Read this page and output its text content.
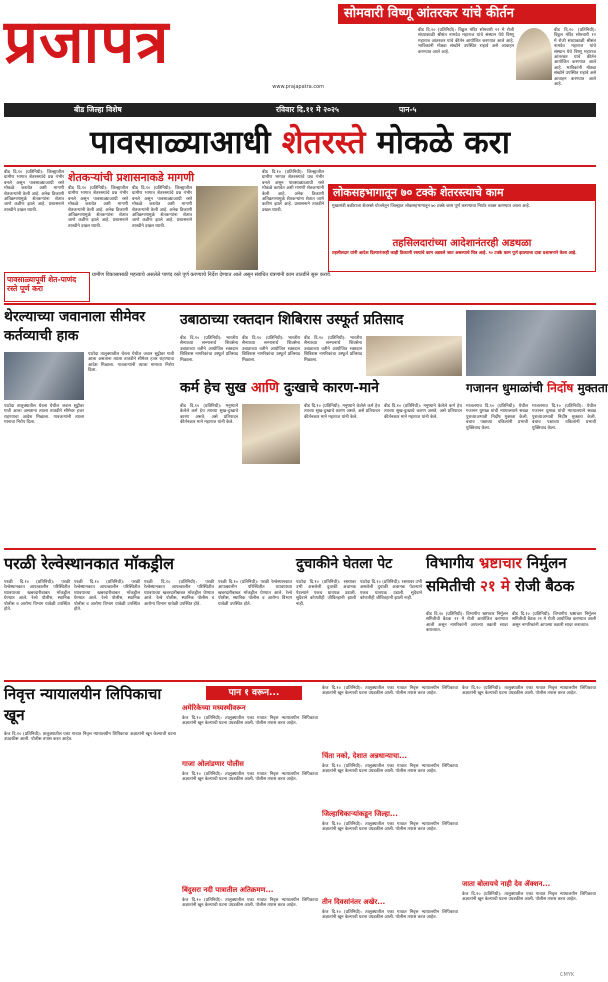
प्रजापत्र
www.prajapatra.com
बीड जिल्हा विशेष	रविवार दि.११ मे २०२५	पान-५
सोमवारी विष्णू आंतरकर यांचे कीर्तन
बीड दि.१० (प्रतिनिधी): विठ्ठल मंदिर सोमवारी १२ मे रोजी संध्याकाळी श्रीसंत नामदेव महाराज यांचे संस्थान येथे विष्णू महाराज आंतरकर यांचे कीर्तन आयोजित करण्यात आले आहे. भाविकांनी मोठ्या संख्येने उपस्थित राहावे असे आवाहन करण्यात आले आहे.
बीड दि.१० (प्रतिनिधी): विठ्ठल मंदिर सोमवारी १२ मे रोजी संध्याकाळी श्रीसंत नामदेव महाराज यांचे संस्थान येथे विष्णू महाराज आंतरकर यांचे कीर्तन आयोजित करण्यात आले आहे. भाविकांनी मोठ्या संख्येने उपस्थित राहावे असे आवाहन करण्यात आले आहे.
पावसाळ्याआधी शेतरस्ते मोकळे करा
बीड दि.१० (प्रतिनिधी): जिल्ह्यातील ग्रामीण भागात शेतरस्त्यांचे प्रश्न गंभीर बनले असून पावसाळ्याआधी रस्ते मोकळे करावेत अशी मागणी शेतकऱ्यांनी केली आहे. अनेक ठिकाणी अतिक्रमणामुळे शेतकऱ्यांना शेतात जाणे कठीण झाले आहे. प्रशासनाने तातडीने दखल घ्यावी.
शेतकऱ्यांची प्रशासनाकडे मागणी
बीड दि.१० (प्रतिनिधी): जिल्ह्यातील ग्रामीण भागात शेतरस्त्यांचे प्रश्न गंभीर बनले असून पावसाळ्याआधी रस्ते मोकळे करावेत अशी मागणी शेतकऱ्यांनी केली आहे. अनेक ठिकाणी अतिक्रमणामुळे शेतकऱ्यांना शेतात जाणे कठीण झाले आहे. प्रशासनाने तातडीने दखल घ्यावी.
बीड दि.१० (प्रतिनिधी): जिल्ह्यातील ग्रामीण भागात शेतरस्त्यांचे प्रश्न गंभीर बनले असून पावसाळ्याआधी रस्ते मोकळे करावेत अशी मागणी शेतकऱ्यांनी केली आहे. अनेक ठिकाणी अतिक्रमणामुळे शेतकऱ्यांना शेतात जाणे कठीण झाले आहे. प्रशासनाने तातडीने दखल घ्यावी.
बीड दि.१० (प्रतिनिधी): जिल्ह्यातील ग्रामीण भागात शेतरस्त्यांचे प्रश्न गंभीर बनले असून पावसाळ्याआधी रस्ते मोकळे करावेत अशी मागणी शेतकऱ्यांनी केली आहे. अनेक ठिकाणी अतिक्रमणामुळे शेतकऱ्यांना शेतात जाणे कठीण झाले आहे. प्रशासनाने तातडीने दखल घ्यावी.
पावसाळ्यापूर्वी शेत-पाणंद रस्ते पूर्ण करा
ग्रामीण विकासासाठी महत्त्वाचे असलेले पाणंद रस्ते पूर्ण करण्याचे निर्देश देण्यात आले असून संबंधित यंत्रणांनी काम तातडीने सुरू करावे.
लोकसहभागातून ७० टक्के शेतरस्त्याचे काम
मुख्यमंत्री बळीराजा शेतरस्ते योजनेतून जिल्ह्यात लोकसहभागातून ७० टक्के काम पूर्ण करण्याचा निर्धार व्यक्त करण्यात आला आहे.
तहसिलदारांच्या आदेशानंतरही अडथळा
तहसीलदार यांनी आदेश दिल्यानंतरही काही ठिकाणी रस्त्यांचे काम अडवले जात असल्याचे चित्र आहे. ९० टक्के काम पूर्ण झाल्याचा दावा प्रशासनाने केला आहे.
थेरल्याच्या जवानाला सीमेवर कर्तव्याची हाक
पाटोदा तालुक्यातील थेरला येथील जवान सुट्टीवर गावी आला असताना त्याला तातडीने सीमेवर हजर राहण्याचा आदेश मिळाला. गावकऱ्यांनी त्याला मानाचा निरोप दिला.
पाटोदा तालुक्यातील थेरला येथील जवान सुट्टीवर गावी आला असताना त्याला तातडीने सीमेवर हजर राहण्याचा आदेश मिळाला. गावकऱ्यांनी त्याला मानाचा निरोप दिला.
उबाठाच्या रक्तदान शिबिरास उस्फूर्त प्रतिसाद
बीड दि.१० (प्रतिनिधी): भारतीय सैन्याच्या सन्मानार्थ शिवसेना उबाठाच्या वतीने आयोजित रक्तदान शिबिरास नागरिकांचा उस्फूर्त प्रतिसाद मिळाला.
बीड दि.१० (प्रतिनिधी): भारतीय सैन्याच्या सन्मानार्थ शिवसेना उबाठाच्या वतीने आयोजित रक्तदान शिबिरास नागरिकांचा उस्फूर्त प्रतिसाद मिळाला.
बीड दि.१० (प्रतिनिधी): भारतीय सैन्याच्या सन्मानार्थ शिवसेना उबाठाच्या वतीने आयोजित रक्तदान शिबिरास नागरिकांचा उस्फूर्त प्रतिसाद मिळाला.
कर्म हेच सुख आणि दुःखाचे कारण-माने
बीड दि.१० (प्रतिनिधी): मनुष्याने केलेले कर्म हेच त्याच्या सुख-दुःखाचे कारण असते, असे प्रतिपादन कीर्तनकार माने महाराज यांनी केले.
बीड दि.१० (प्रतिनिधी): मनुष्याने केलेले कर्म हेच त्याच्या सुख-दुःखाचे कारण असते, असे प्रतिपादन कीर्तनकार माने महाराज यांनी केले.
बीड दि.१० (प्रतिनिधी): मनुष्याने केलेले कर्म हेच त्याच्या सुख-दुःखाचे कारण असते, असे प्रतिपादन कीर्तनकार माने महाराज यांनी केले.
गजानन धुमाळांची निर्दोष मुक्तता
माजलगाव दि.१० (प्रतिनिधी): येथील गजानन धुमाळ यांची न्यायालयाने सबळ पुराव्याअभावी निर्दोष मुक्तता केली. बचाव पक्षाच्या वकिलांनी प्रभावी युक्तिवाद केला.
माजलगाव दि.१० (प्रतिनिधी): येथील गजानन धुमाळ यांची न्यायालयाने सबळ पुराव्याअभावी निर्दोष मुक्तता केली. बचाव पक्षाच्या वकिलांनी प्रभावी युक्तिवाद केला.
परळी रेल्वेस्थानकात मॉकड्रील
परळी दि.१० (प्रतिनिधी): परळी रेल्वेस्थानकात आपत्कालीन परिस्थितीत घ्यावयाच्या खबरदारीबाबत मॉकड्रील घेण्यात आले. रेल्वे पोलीस, स्थानिक पोलीस व आरोग्य विभाग यावेळी उपस्थित होते.
परळी दि.१० (प्रतिनिधी): परळी रेल्वेस्थानकात आपत्कालीन परिस्थितीत घ्यावयाच्या खबरदारीबाबत मॉकड्रील घेण्यात आले. रेल्वे पोलीस, स्थानिक पोलीस व आरोग्य विभाग यावेळी उपस्थित होते.
परळी दि.१० (प्रतिनिधी): परळी रेल्वेस्थानकात आपत्कालीन परिस्थितीत घ्यावयाच्या खबरदारीबाबत मॉकड्रील घेण्यात आले. रेल्वे पोलीस, स्थानिक पोलीस व आरोग्य विभाग यावेळी उपस्थित होते.
परळी दि.१० (प्रतिनिधी): परळी रेल्वेस्थानकात आपत्कालीन परिस्थितीत घ्यावयाच्या खबरदारीबाबत मॉकड्रील घेण्यात आले. रेल्वे पोलीस, स्थानिक पोलीस व आरोग्य विभाग यावेळी उपस्थित होते.
दुचाकीने घेतला पेट
पाटोदा दि.१० (प्रतिनिधी): रस्त्यावर उभी असलेली दुचाकी अचानक पेटल्याने एकच धावपळ उडाली. सुदैवाने कोणतीही जीवितहानी झाली नाही.
पाटोदा दि.१० (प्रतिनिधी): रस्त्यावर उभी असलेली दुचाकी अचानक पेटल्याने एकच धावपळ उडाली. सुदैवाने कोणतीही जीवितहानी झाली नाही.
विभागीय भ्रष्टाचार निर्मुलन
समितीची २१ मे रोजी बैठक
बीड दि.१० (प्रतिनिधी): विभागीय भ्रष्टाचार निर्मुलन समितीची बैठक २१ मे रोजी आयोजित करण्यात आली असून नागरिकांनी आपल्या तक्रारी सादर कराव्यात.
बीड दि.१० (प्रतिनिधी): विभागीय भ्रष्टाचार निर्मुलन समितीची बैठक २१ मे रोजी आयोजित करण्यात आली असून नागरिकांनी आपल्या तक्रारी सादर कराव्यात.
निवृत्त न्यायालयीन लिपिकाचा खून
केज दि.१० (प्रतिनिधी): तालुक्यातील एका गावात निवृत्त न्यायालयीन लिपिकाचा अज्ञातांनी खून केल्याची घटना उघडकीस आली. पोलीस तपास करत आहेत.
पान १ वरून...
अमेरिकेच्या मध्यस्थीवरून
केज दि.१० (प्रतिनिधी): तालुक्यातील एका गावात निवृत्त न्यायालयीन लिपिकाचा अज्ञातांनी खून केल्याची घटना उघडकीस आली. पोलीस तपास करत आहेत.
गाजा ओलांडणार पोलीस
केज दि.१० (प्रतिनिधी): तालुक्यातील एका गावात निवृत्त न्यायालयीन लिपिकाचा अज्ञातांनी खून केल्याची घटना उघडकीस आली. पोलीस तपास करत आहेत.
बिंदुसरा नदी पात्रातील अतिक्रमण...
केज दि.१० (प्रतिनिधी): तालुक्यातील एका गावात निवृत्त न्यायालयीन लिपिकाचा अज्ञातांनी खून केल्याची घटना उघडकीस आली. पोलीस तपास करत आहेत.
केज दि.१० (प्रतिनिधी): तालुक्यातील एका गावात निवृत्त न्यायालयीन लिपिकाचा अज्ञातांनी खून केल्याची घटना उघडकीस आली. पोलीस तपास करत आहेत.
चिंता नको, देशात अन्नधान्याचा...
केज दि.१० (प्रतिनिधी): तालुक्यातील एका गावात निवृत्त न्यायालयीन लिपिकाचा अज्ञातांनी खून केल्याची घटना उघडकीस आली. पोलीस तपास करत आहेत.
जिल्हाधिकाऱ्यांकडून जिल्हा...
केज दि.१० (प्रतिनिधी): तालुक्यातील एका गावात निवृत्त न्यायालयीन लिपिकाचा अज्ञातांनी खून केल्याची घटना उघडकीस आली. पोलीस तपास करत आहेत.
तीन दिवसांनंतर अखेर...
केज दि.१० (प्रतिनिधी): तालुक्यातील एका गावात निवृत्त न्यायालयीन लिपिकाचा अज्ञातांनी खून केल्याची घटना उघडकीस आली. पोलीस तपास करत आहेत.
केज दि.१० (प्रतिनिधी): तालुक्यातील एका गावात निवृत्त न्यायालयीन लिपिकाचा अज्ञातांनी खून केल्याची घटना उघडकीस आली. पोलीस तपास करत आहेत.
जाता बोलायचे नाही देव ॲक्शन...
केज दि.१० (प्रतिनिधी): तालुक्यातील एका गावात निवृत्त न्यायालयीन लिपिकाचा अज्ञातांनी खून केल्याची घटना उघडकीस आली. पोलीस तपास करत आहेत.
CMYK
